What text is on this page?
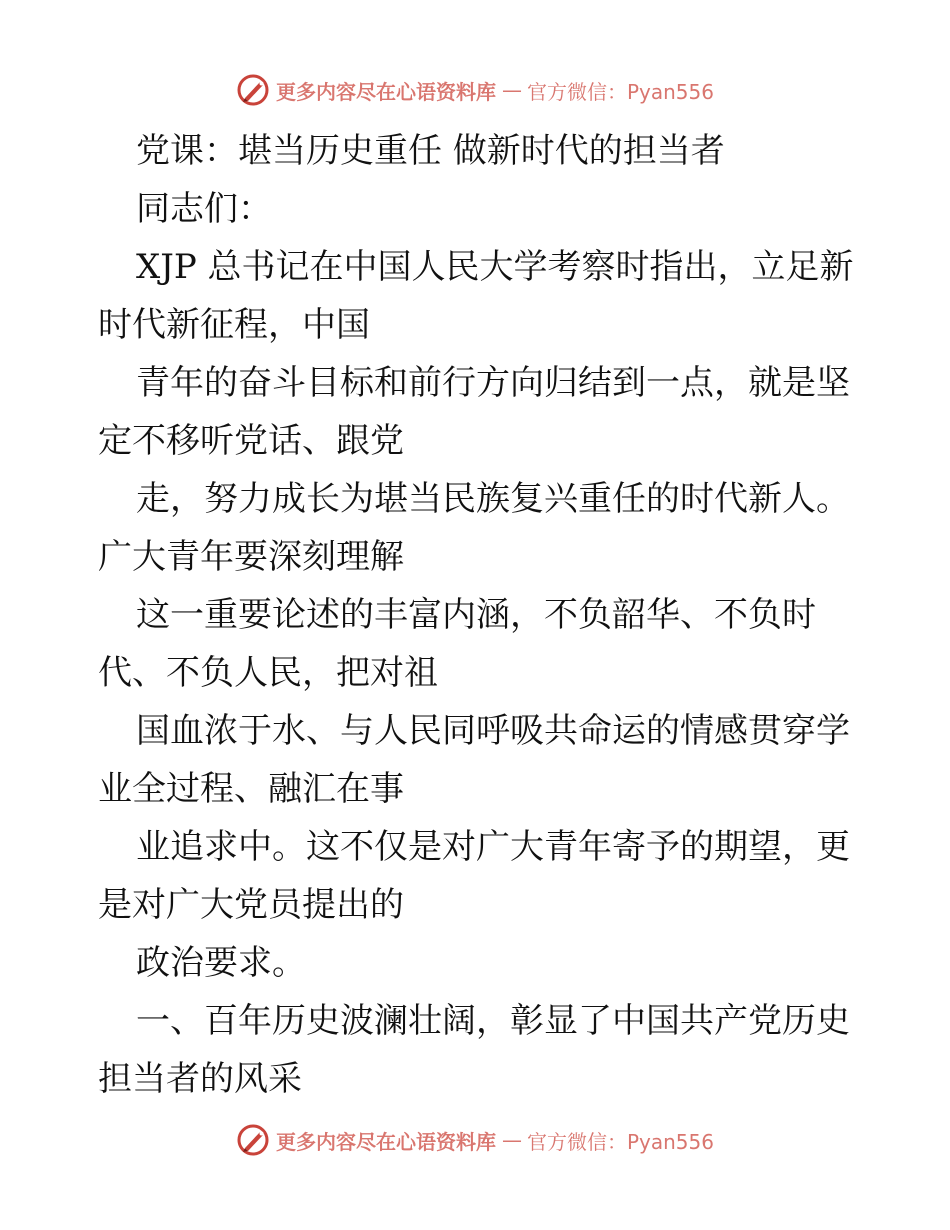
更多内容尽在心语资料库 — 官方微信：Pyan556
党课：堪当历史重任 做新时代的担当者
同志们：
XJP 总书记在中国人民大学考察时指出，立足新
时代新征程，中国
青年的奋斗目标和前行方向归结到一点，就是坚
定不移听党话、跟党
走，努力成长为堪当民族复兴重任的时代新人。
广大青年要深刻理解
这一重要论述的丰富内涵，不负韶华、不负时
代、不负人民，把对祖
国血浓于水、与人民同呼吸共命运的情感贯穿学
业全过程、融汇在事
业追求中。这不仅是对广大青年寄予的期望，更
是对广大党员提出的
政治要求。
一、百年历史波澜壮阔，彰显了中国共产党历史
担当者的风采
更多内容尽在心语资料库 — 官方微信：Pyan556
